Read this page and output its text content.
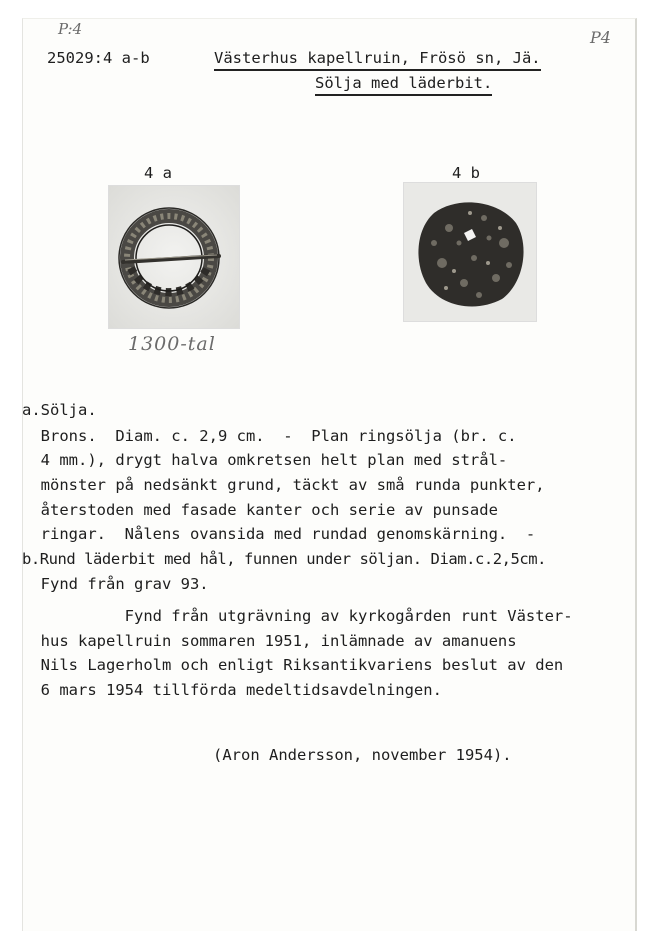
P:4	P4
25029:4 a-b	Västerhus kapellruin, Frösö sn, Jä.
Sölja med läderbit.
4 a	4 b
1300-tal
a.Sölja.
Brons.  Diam. c. 2,9 cm.  -  Plan ringsölja (br. c.
4 mm.), drygt halva omkretsen helt plan med strål-
mönster på nedsänkt grund, täckt av små runda punkter,
återstoden med fasade kanter och serie av punsade
ringar.  Nålens ovansida med rundad genomskärning.  -
b.Rund läderbit med hål, funnen under söljan. Diam.c.2,5cm.
Fynd från grav 93.
Fynd från utgrävning av kyrkogården runt Väster-
hus kapellruin sommaren 1951, inlämnade av amanuens
Nils Lagerholm och enligt Riksantikvariens beslut av den
6 mars 1954 tillförda medeltidsavdelningen.
(Aron Andersson, november 1954).
